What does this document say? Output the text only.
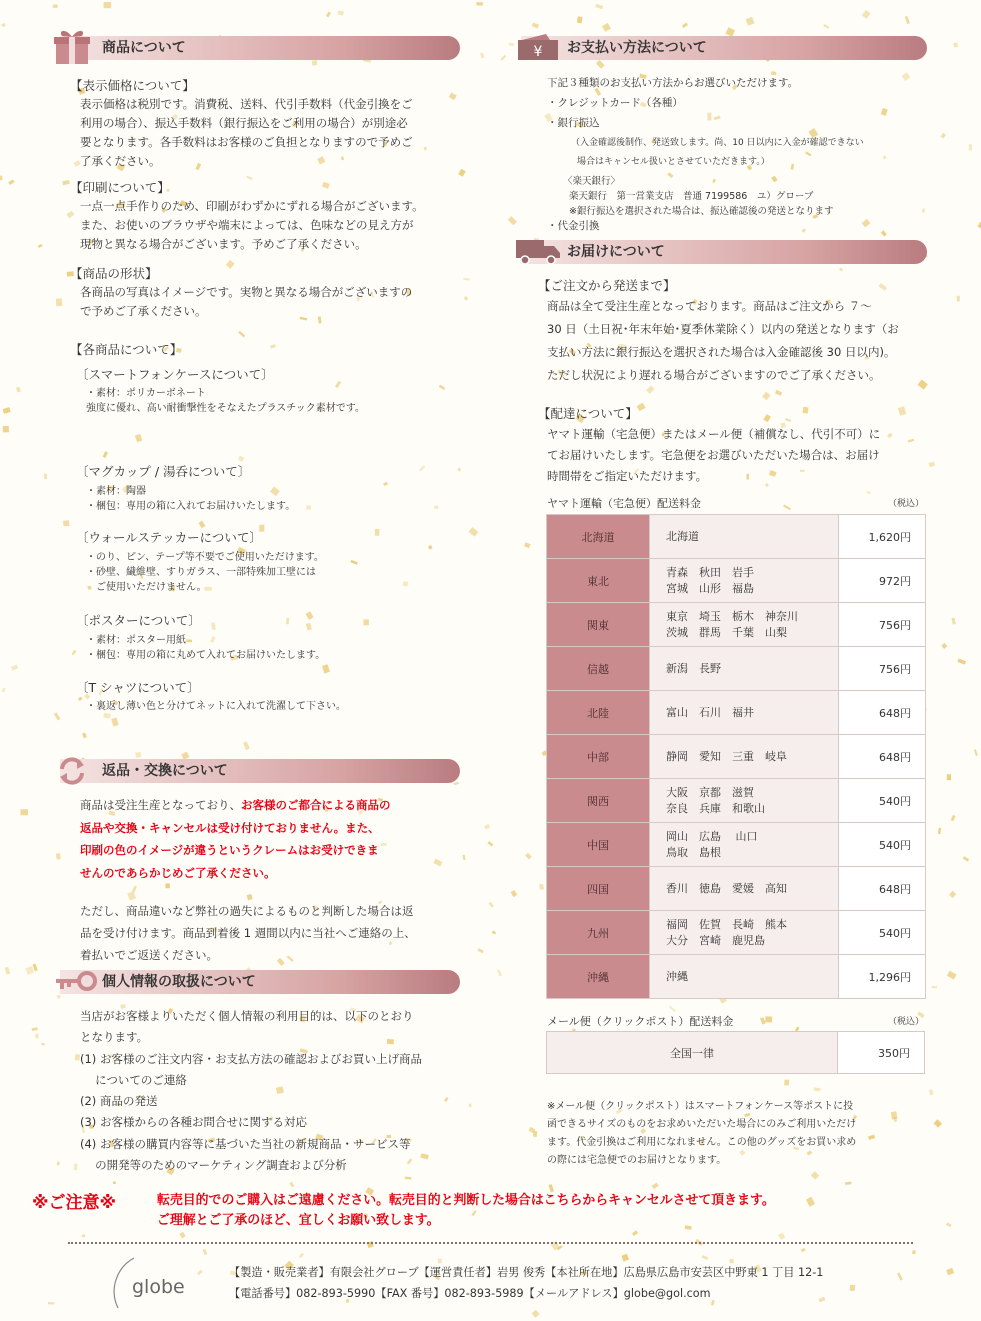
商品について
【表示価格について】
表示価格は税別です。消費税、送料、代引手数料（代金引換をご
利用の場合）、振込手数料（銀行振込をご利用の場合）が別途必
要となります。各手数料はお客様のご負担となりますので予めご
了承ください。
【印刷について】
一点一点手作りのため、印刷がわずかにずれる場合がございます。
また、お使いのブラウザや端末によっては、色味などの見え方が
現物と異なる場合がございます。予めご了承ください。
【商品の形状】
各商品の写真はイメージです。実物と異なる場合がございますの
で予めご了承ください。
【各商品について】
〔スマートフォンケースについて〕
・素材：ポリカーボネート
強度に優れ、高い耐衝撃性をそなえたプラスチック素材です。
〔マグカップ / 湯呑について〕
・素材：陶器
・梱包：専用の箱に入れてお届けいたします。
〔ウォールステッカーについて〕
・のり、ピン、テープ等不要でご使用いただけます。
・砂壁、繊維壁、すりガラス、一部特殊加工壁には
　ご使用いただけません。
〔ポスターについて〕
・素材：ポスター用紙
・梱包：専用の箱に丸めて入れてお届けいたします。
〔T シャツについて〕
・裏返し薄い色と分けてネットに入れて洗濯して下さい。
返品・交換について
商品は受注生産となっており、お客様のご都合による商品の
返品や交換・キャンセルは受け付けておりません。また、
印刷の色のイメージが違うというクレームはお受けできま
せんのであらかじめご了承ください。
ただし、商品違いなど弊社の過失によるものと判断した場合は返
品を受け付けます。商品到着後 1 週間以内に当社へご連絡の上、
着払いでご返送ください。
個人情報の取扱について
当店がお客様よりいただく個人情報の利用目的は、以下のとおり
となります。
(1) お客様のご注文内容・お支払方法の確認およびお買い上げ商品
　 についてのご連絡
(2) 商品の発送
(3) お客様からの各種お問合せに関する対応
(4) お客様の購買内容等に基づいた当社の新規商品・サービス等
　 の開発等のためのマーケティング調査および分析
お支払い方法について
¥
下記３種類のお支払い方法からお選びいただけます。
・クレジットカード（各種）
・銀行振込
（入金確認後制作、発送致します。尚、10 日以内に入金が確認できない
場合はキャンセル扱いとさせていただきます。）
〈楽天銀行〉
楽天銀行　第一営業支店　普通 7199586　ユ）グローブ
※銀行振込を選択された場合は、振込確認後の発送となります
・代金引換
お届けについて
【ご注文から発送まで】
商品は全て受注生産となっております。商品はご注文から ７～
30 日（土日祝･年末年始･夏季休業除く）以内の発送となります（お
支払い方法に銀行振込を選択された場合は入金確認後 30 日以内)。
ただし状況により遅れる場合がございますのでご了承ください。
【配達について】
ヤマト運輸（宅急便）またはメール便（補償なし、代引不可）に
てお届けいたします。宅急便をお選びいただいた場合は、お届け
時間帯をご指定いただけます。
ヤマト運輸（宅急便）配送料金	（税込）
北海道	北海道	1,620円
東北	青森　秋田　岩手
宮城　山形　福島	972円
関東	東京　埼玉　栃木　神奈川
茨城　群馬　千葉　山梨	756円
信越	新潟　長野	756円
北陸	富山　石川　福井	648円
中部	静岡　愛知　三重　岐阜	648円
関西	大阪　京都　滋賀
奈良　兵庫　和歌山	540円
中国	岡山　広島　 山口
鳥取　島根	540円
四国	香川　徳島　愛媛　高知	648円
九州	福岡　佐賀　長崎　熊本
大分　宮崎　鹿児島	540円
沖縄	沖縄	1,296円
メール便（クリックポスト）配送料金	（税込）
全国一律	350円
※メール便（クリックポスト）はスマートフォンケース等ポストに投
函できるサイズのものをお求めいただいた場合にのみご利用いただけ
ます。代金引換はご利用になれません。この他のグッズをお買い求め
の際には宅急便でのお届けとなります。
※ご注意※	転売目的でのご購入はご遠慮ください。転売目的と判断した場合はこちらからキャンセルさせて頂きます。
ご理解とご了承のほど、宜しくお願い致します。
globe
【製造・販売業者】有限会社グローブ【運営責任者】岩男 俊秀【本社所在地】広島県広島市安芸区中野東 1 丁目 12-1
【電話番号】082-893-5990【FAX 番号】082-893-5989【メールアドレス】globe@gol.com
